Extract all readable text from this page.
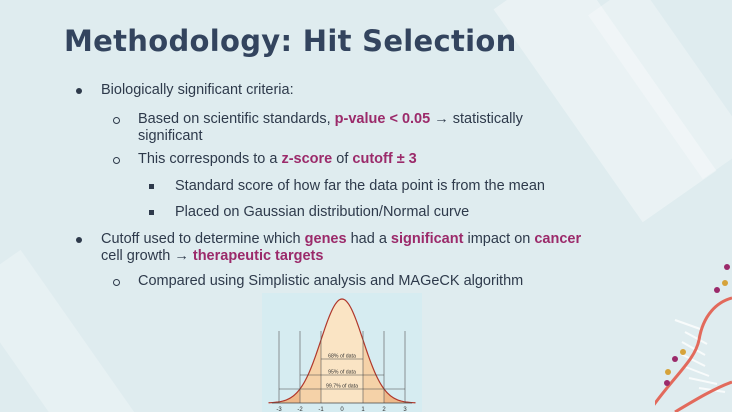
Methodology: Hit Selection
Biologically significant criteria:
Based on scientific standards, p-value < 0.05 → statistically
significant
This corresponds to a z-score of cutoff ± 3
Standard score of how far the data point is from the mean
Placed on Gaussian distribution/Normal curve
Cutoff used to determine which genes had a significant impact on cancer
cell growth → therapeutic targets
Compared using Simplistic analysis and MAGeCK algorithm
68% of data
95% of data
99.7% of data
-3	-2	-1	0	1	2	3
